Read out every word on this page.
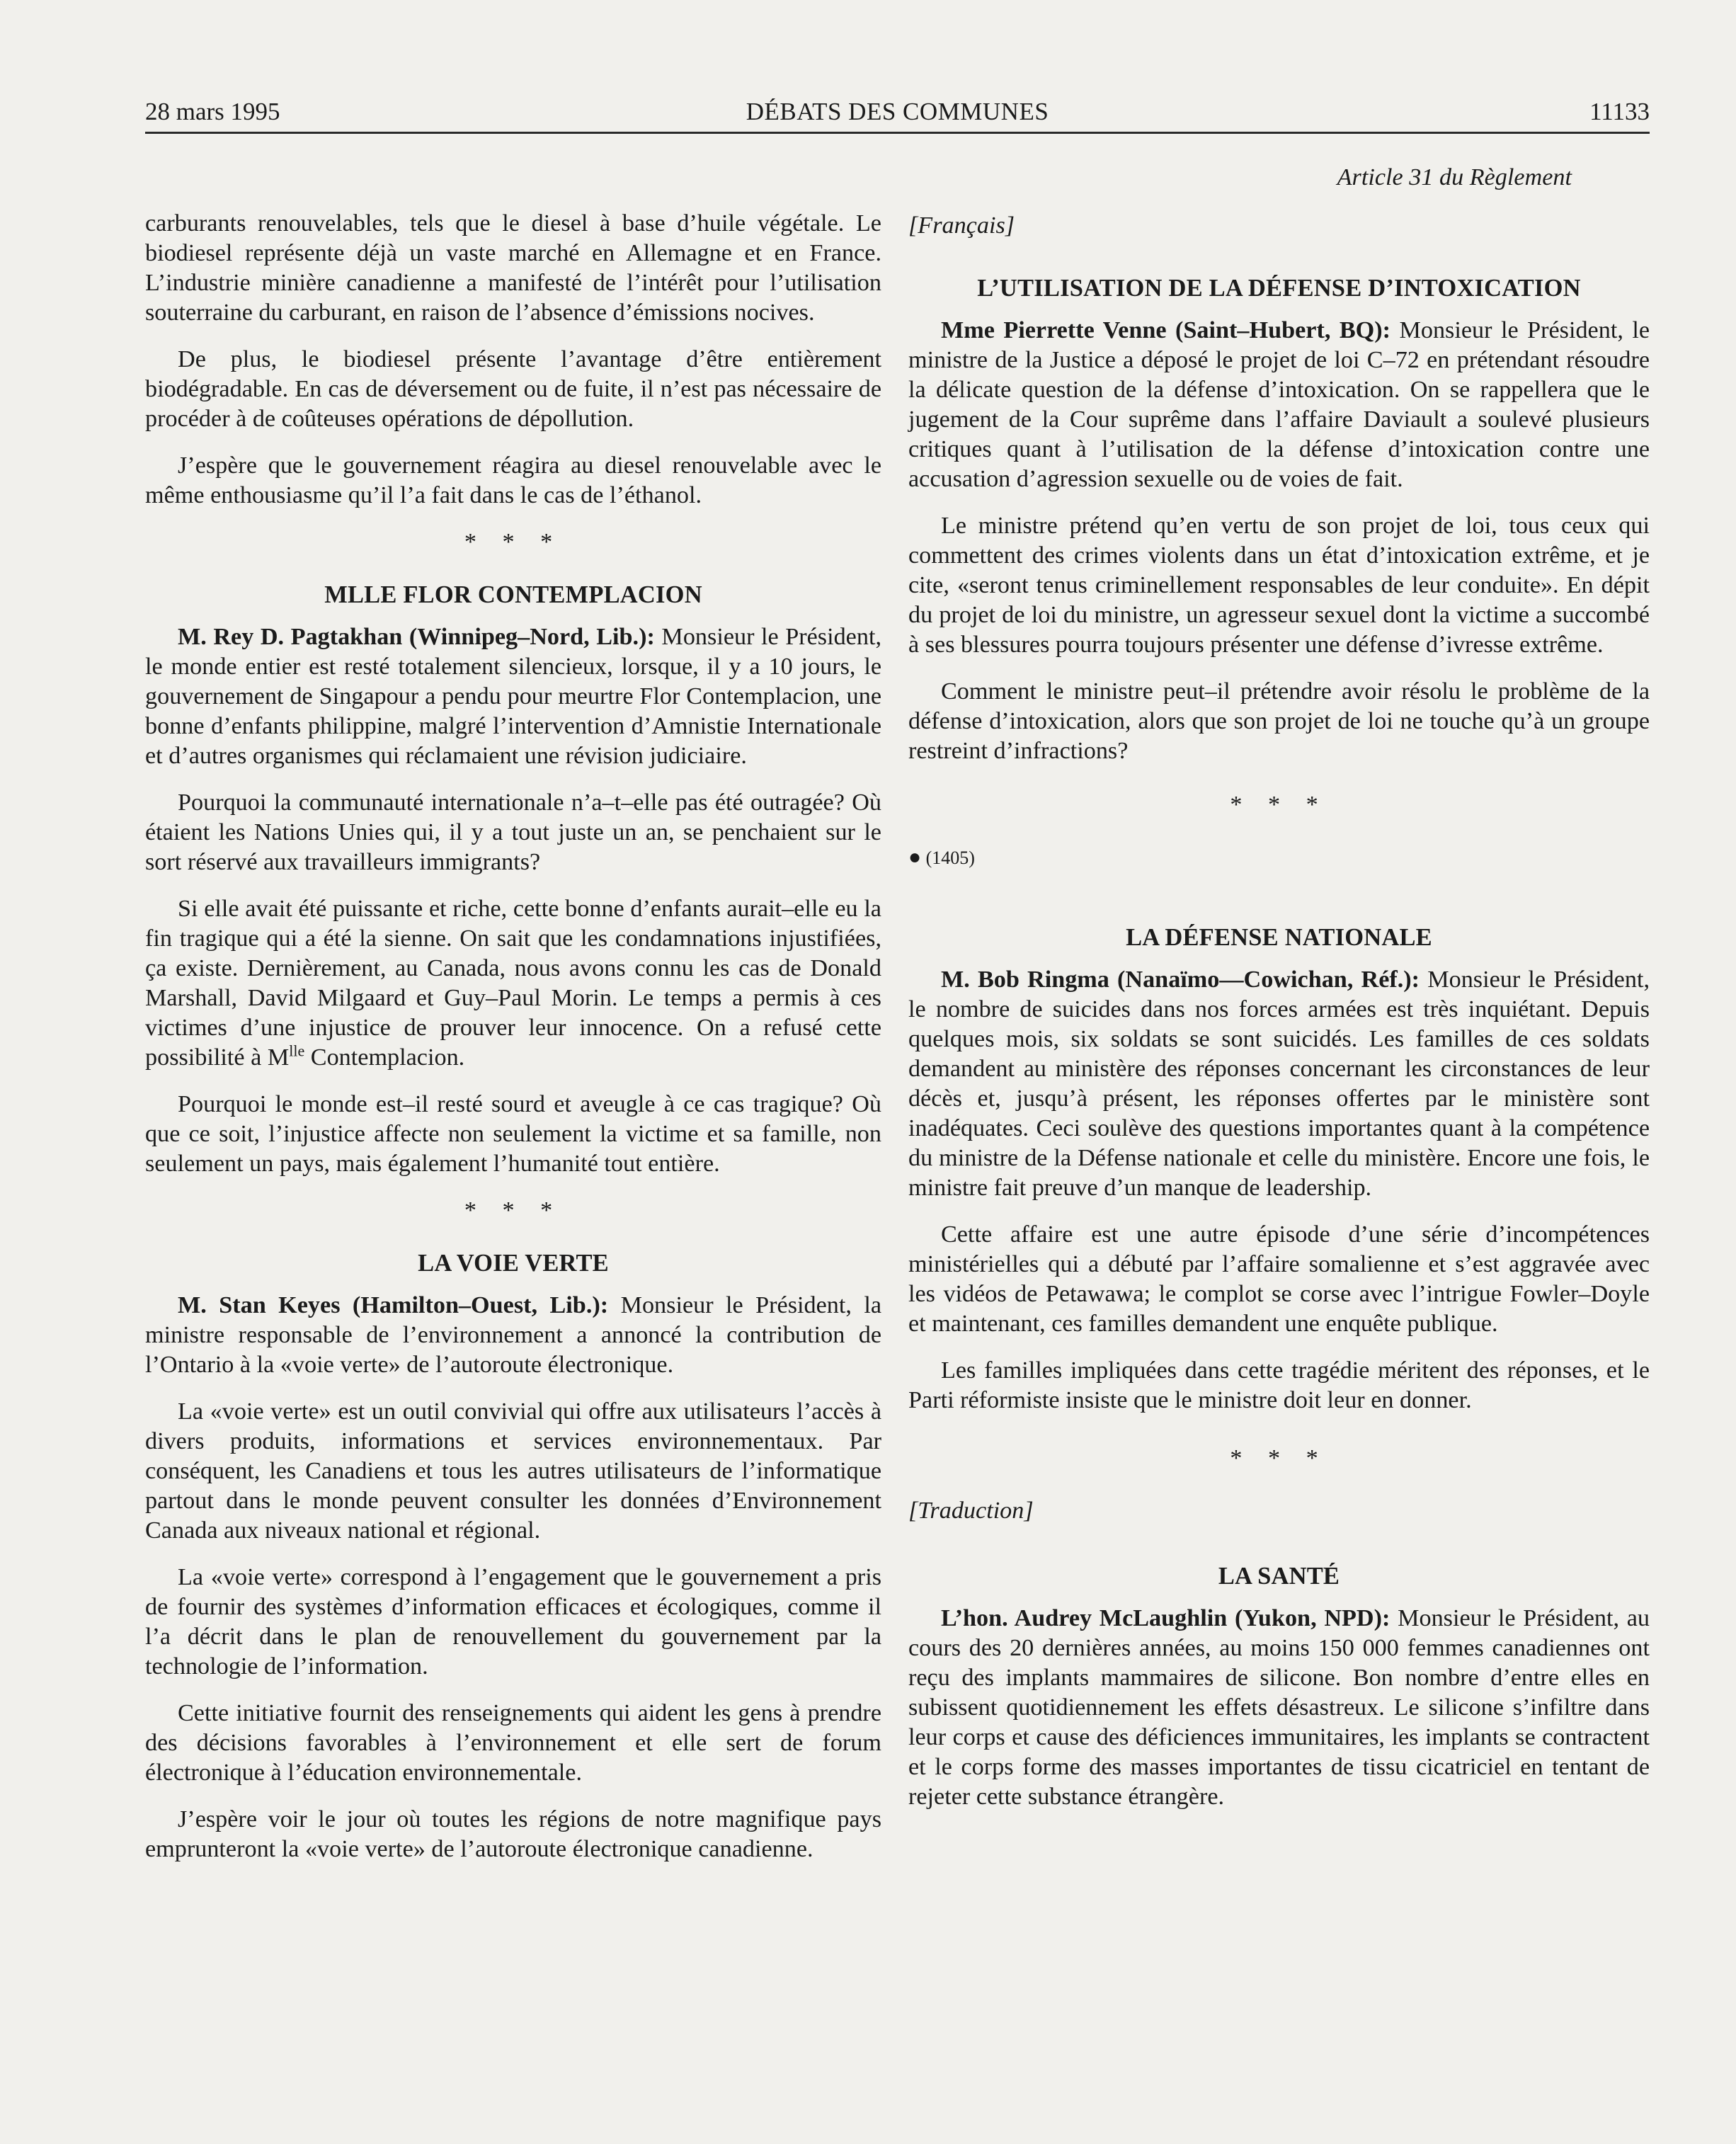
28 mars 1995	DÉBATS DES COMMUNES	11133

carburants renouvelables, tels que le diesel à base d’huile végétale. Le biodiesel représente déjà un vaste marché en Allemagne et en France. L’industrie minière canadienne a manifesté de l’intérêt pour l’utilisation souterraine du carburant, en raison de l’absence d’émissions nocives.

De plus, le biodiesel présente l’avantage d’être entièrement biodégradable. En cas de déversement ou de fuite, il n’est pas nécessaire de procéder à de coûteuses opérations de dépollution.

J’espère que le gouvernement réagira au diesel renouvelable avec le même enthousiasme qu’il l’a fait dans le cas de l’éthanol.

* * *
MLLE FLOR CONTEMPLACION

M. Rey D. Pagtakhan (Winnipeg–Nord, Lib.): Monsieur le Président, le monde entier est resté totalement silencieux, lorsque, il y a 10 jours, le gouvernement de Singapour a pendu pour meurtre Flor Contemplacion, une bonne d’enfants philippine, malgré l’intervention d’Amnistie Internationale et d’autres organismes qui réclamaient une révision judiciaire.

Pourquoi la communauté internationale n’a–t–elle pas été outragée? Où étaient les Nations Unies qui, il y a tout juste un an, se penchaient sur le sort réservé aux travailleurs immigrants?

Si elle avait été puissante et riche, cette bonne d’enfants aurait–elle eu la fin tragique qui a été la sienne. On sait que les condamnations injustifiées, ça existe. Dernièrement, au Canada, nous avons connu les cas de Donald Marshall, David Milgaard et Guy–Paul Morin. Le temps a permis à ces victimes d’une injustice de prouver leur innocence. On a refusé cette possibilité à $M^{lle}$ Contemplacion.

Pourquoi le monde est–il resté sourd et aveugle à ce cas tragique? Où que ce soit, l’injustice affecte non seulement la victime et sa famille, non seulement un pays, mais également l’humanité tout entière.

* * *
LA VOIE VERTE

M. Stan Keyes (Hamilton–Ouest, Lib.): Monsieur le Président, la ministre responsable de l’environnement a annoncé la contribution de l’Ontario à la «voie verte» de l’autoroute électronique.

La «voie verte» est un outil convivial qui offre aux utilisateurs l’accès à divers produits, informations et services environnementaux. Par conséquent, les Canadiens et tous les autres utilisateurs de l’informatique partout dans le monde peuvent consulter les données d’Environnement Canada aux niveaux national et régional.

La «voie verte» correspond à l’engagement que le gouvernement a pris de fournir des systèmes d’information efficaces et écologiques, comme il l’a décrit dans le plan de renouvellement du gouvernement par la technologie de l’information.

Cette initiative fournit des renseignements qui aident les gens à prendre des décisions favorables à l’environnement et elle sert de forum électronique à l’éducation environnementale.

J’espère voir le jour où toutes les régions de notre magnifique pays emprunteront la «voie verte» de l’autoroute électronique canadienne.

Article 31 du Règlement
[Français]
L’UTILISATION DE LA DÉFENSE D’INTOXICATION

Mme Pierrette Venne (Saint–Hubert, BQ): Monsieur le Président, le ministre de la Justice a déposé le projet de loi C–72 en prétendant résoudre la délicate question de la défense d’intoxication. On se rappellera que le jugement de la Cour suprême dans l’affaire Daviault a soulevé plusieurs critiques quant à l’utilisation de la défense d’intoxication contre une accusation d’agression sexuelle ou de voies de fait.

Le ministre prétend qu’en vertu de son projet de loi, tous ceux qui commettent des crimes violents dans un état d’intoxication extrême, et je cite, «seront tenus criminellement responsables de leur conduite». En dépit du projet de loi du ministre, un agresseur sexuel dont la victime a succombé à ses blessures pourra toujours présenter une défense d’ivresse extrême.

Comment le ministre peut–il prétendre avoir résolu le problème de la défense d’intoxication, alors que son projet de loi ne touche qu’à un groupe restreint d’infractions?

* * *
● (1405)
LA DÉFENSE NATIONALE

M. Bob Ringma (Nanaïmo—Cowichan, Réf.): Monsieur le Président, le nombre de suicides dans nos forces armées est très inquiétant. Depuis quelques mois, six soldats se sont suicidés. Les familles de ces soldats demandent au ministère des réponses concernant les circonstances de leur décès et, jusqu’à présent, les réponses offertes par le ministère sont inadéquates. Ceci soulève des questions importantes quant à la compétence du ministre de la Défense nationale et celle du ministère. Encore une fois, le ministre fait preuve d’un manque de leadership.

Cette affaire est une autre épisode d’une série d’incompétences ministérielles qui a débuté par l’affaire somalienne et s’est aggravée avec les vidéos de Petawawa; le complot se corse avec l’intrigue Fowler–Doyle et maintenant, ces familles demandent une enquête publique.

Les familles impliquées dans cette tragédie méritent des réponses, et le Parti réformiste insiste que le ministre doit leur en donner.

* * *
[Traduction]
LA SANTÉ

L’hon. Audrey McLaughlin (Yukon, NPD): Monsieur le Président, au cours des 20 dernières années, au moins 150 000 femmes canadiennes ont reçu des implants mammaires de silicone. Bon nombre d’entre elles en subissent quotidiennement les effets désastreux. Le silicone s’infiltre dans leur corps et cause des déficiences immunitaires, les implants se contractent et le corps forme des masses importantes de tissu cicatriciel en tentant de rejeter cette substance étrangère.
